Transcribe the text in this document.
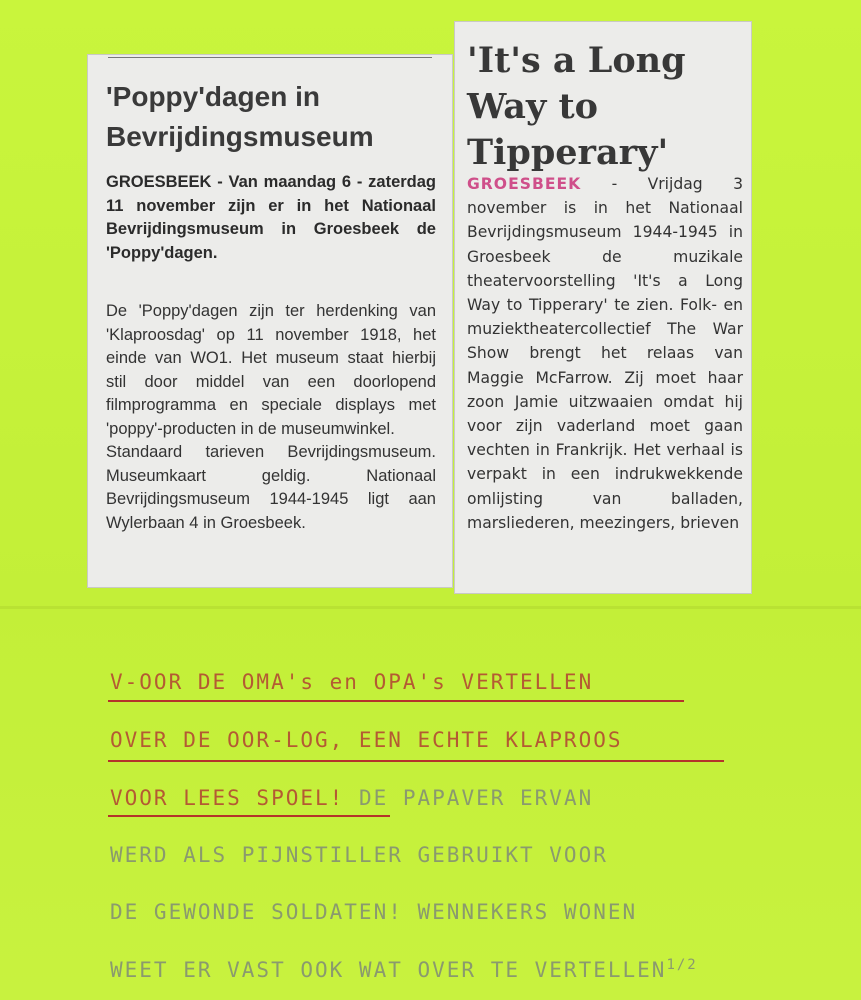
'Poppy'dagen in Bevrijdingsmuseum
GROESBEEK - Van maandag 6 - zaterdag 11 november zijn er in het Nationaal Bevrijdingsmuseum in Groesbeek de 'Poppy'dagen.

De 'Poppy'dagen zijn ter herdenking van 'Klaproosdag' op 11 november 1918, het einde van WO1. Het museum staat hierbij stil door middel van een doorlopend filmprogramma en speciale displays met 'poppy'-producten in de museumwinkel.

Standaard tarieven Bevrijdingsmuseum. Museumkaart geldig. Nationaal Bevrijdingsmuseum 1944-1945 ligt aan Wylerbaan 4 in Groesbeek.

'It's a Long Way to Tipperary'
GROESBEEK - Vrijdag 3 november is in het Nationaal Bevrijdingsmuseum 1944-1945 in Groesbeek de muzikale theatervoorstelling 'It's a Long Way to Tipperary' te zien. Folk- en muziektheatercollectief The War Show brengt het relaas van Maggie McFarrow. Zij moet haar zoon Jamie uitzwaaien omdat hij voor zijn vaderland moet gaan vechten in Frankrijk. Het verhaal is verpakt in een indrukwekkende omlijsting van balladen, marsliederen, meezingers, brieven
V-OOR DE OMA's en OPA's VERTELLEN
OVER DE OOR-LOG, EEN ECHTE KLAPROOS
VOOR LEES SPOEL! DE PAPAVER ERVAN
WERD ALS PIJNSTILLER GEBRUIKT VOOR
DE GEWONDE SOLDATEN! WENNEKERS WONEN
WEET ER VAST OOK WAT OVER TE $VERTELLEN^{1/2}$
